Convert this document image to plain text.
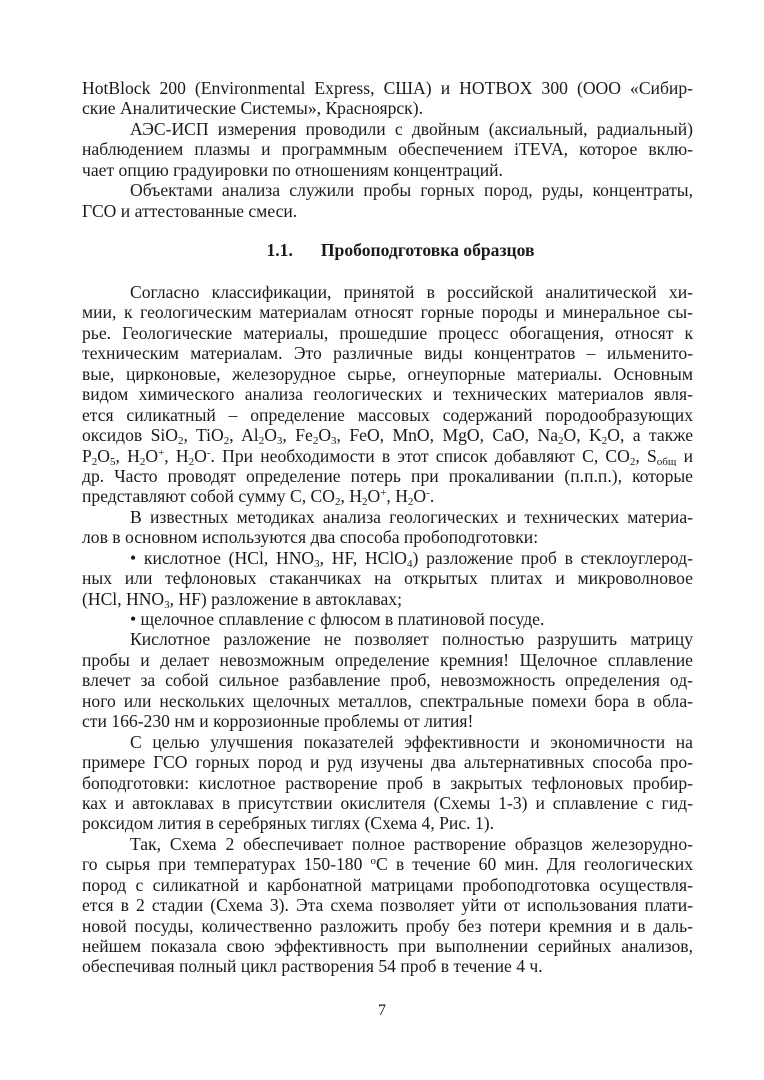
HotBlock 200 (Environmental Express, США) и HOTBOX 300 (ООО «Сибир-
ские Аналитические Системы», Красноярск).
АЭС-ИСП измерения проводили с двойным (аксиальный, радиальный)
наблюдением плазмы и программным обеспечением iTEVA, которое вклю-
чает опцию градуировки по отношениям концентраций.
Объектами анализа служили пробы горных пород, руды, концентраты,
ГСО и аттестованные смеси.
1.1. Пробоподготовка образцов
Согласно классификации, принятой в российской аналитической хи-
мии, к геологическим материалам относят горные породы и минеральное сы-
рье. Геологические материалы, прошедшие процесс обогащения, относят к
техническим материалам. Это различные виды концентратов – ильменито-
вые, цирконовые, железорудное сырье, огнеупорные материалы. Основным
видом химического анализа геологических и технических материалов явля-
ется силикатный – определение массовых содержаний породообразующих
оксидов SiO$_2$, TiO$_2$, $Al_2O_3$, $Fe_2O_3$, FeO, MnO, MgO, CaO, $Na_2O$, $K_2O$, а также
$P_2O_5$, $H_2O^+$, $H_2O^-$. При необходимости в этот список добавляют C, $CO_2$, $S_{общ}$ и
др. Часто проводят определение потерь при прокаливании (п.п.п.), которые
представляют собой сумму C, $CO_2$, $H_2O^+$, $H_2O^-$.
В известных методиках анализа геологических и технических материа-
лов в основном используются два способа пробоподготовки:
• кислотное (HCl, $HNO_3$, HF, HClO$_4$) разложение проб в стеклоуглерод-
ных или тефлоновых стаканчиках на открытых плитах и микроволновое
(HCl, $HNO_3$, HF) разложение в автоклавах;
• щелочное сплавление с флюсом в платиновой посуде.
Кислотное разложение не позволяет полностью разрушить матрицу
пробы и делает невозможным определение кремния! Щелочное сплавление
влечет за собой сильное разбавление проб, невозможность определения од-
ного или нескольких щелочных металлов, спектральные помехи бора в обла-
сти 166-230 нм и коррозионные проблемы от лития!
С целью улучшения показателей эффективности и экономичности на
примере ГСО горных пород и руд изучены два альтернативных способа про-
боподготовки: кислотное растворение проб в закрытых тефлоновых пробир-
ках и автоклавах в присутствии окислителя (Схемы 1-3) и сплавление с гид-
роксидом лития в серебряных тиглях (Схема 4, Рис. 1).
Так, Схема 2 обеспечивает полное растворение образцов железорудно-
го сырья при температурах 150-180 $^o$С в течение 60 мин. Для геологических
пород с силикатной и карбонатной матрицами пробоподготовка осуществля-
ется в 2 стадии (Схема 3). Эта схема позволяет уйти от использования плати-
новой посуды, количественно разложить пробу без потери кремния и в даль-
нейшем показала свою эффективность при выполнении серийных анализов,
обеспечивая полный цикл растворения 54 проб в течение 4 ч.
7
